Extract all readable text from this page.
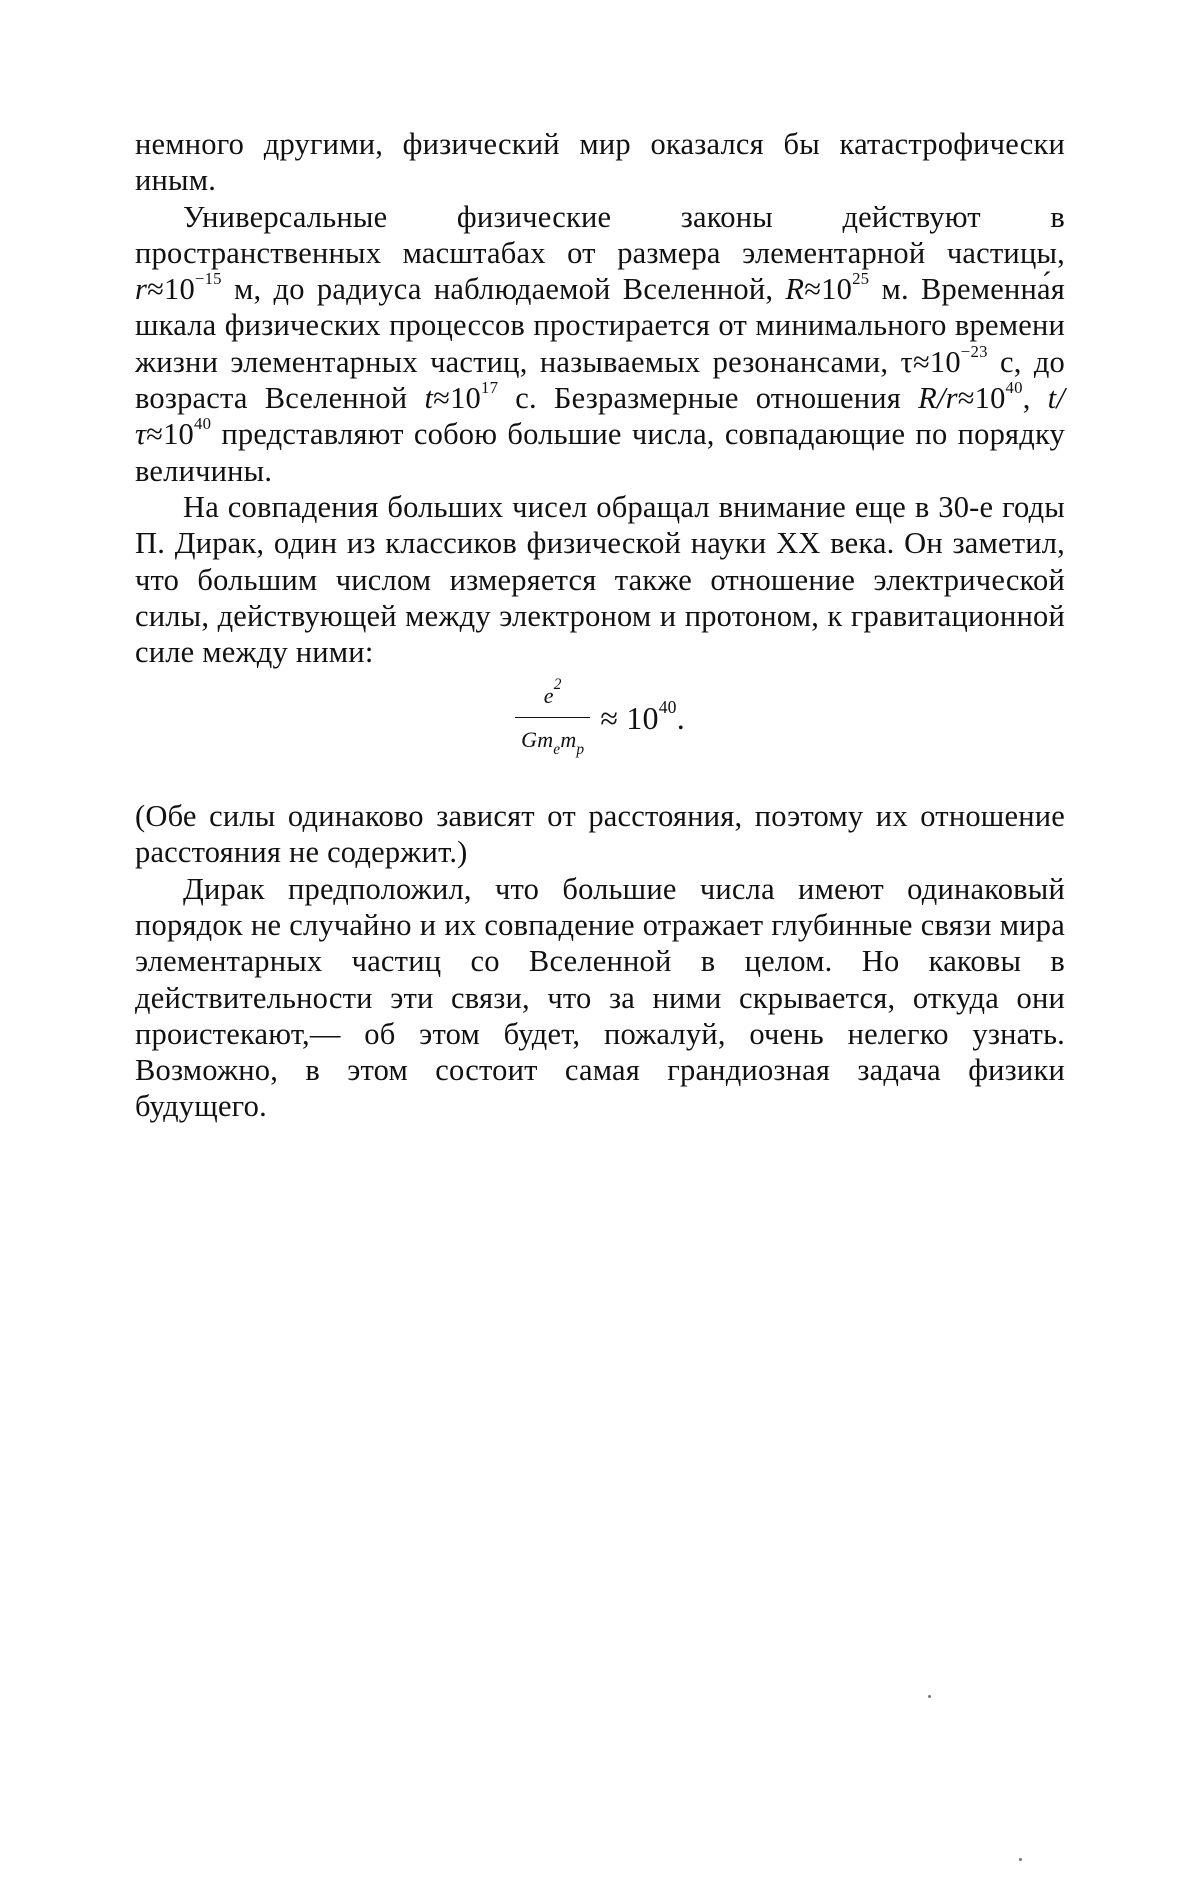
немного другими, физический мир оказался бы катастрофически иным.

Универсальные физические законы действуют в пространственных масштабах от размера элементарной частицы, $r\approx 10^{-15}$ м, до радиуса наблюдаемой Вселенной, $R\approx 10^{25}$ м. Временна́я шкала физических процессов простирается от минимального времени жизни элементарных частиц, называемых резонансами, $\tau\approx 10^{-23}$ с, до возраста Вселенной $t\approx 10^{17}$ с. Безразмерные отношения $R/r\approx 10^{40}$, $t/\tau\approx 10^{40}$ представляют собою большие числа, совпадающие по порядку величины.

На совпадения больших чисел обращал внимание еще в 30-е годы П. Дирак, один из классиков физической науки XX века. Он заметил, что большим числом измеряется также отношение электрической силы, действующей между электроном и протоном, к гравитационной силе между ними:

$\frac{e^2}{Gm_em_p} \approx 10^{40}$.

(Обе силы одинаково зависят от расстояния, поэтому их отношение расстояния не содержит.)

Дирак предположил, что большие числа имеют одинаковый порядок не случайно и их совпадение отражает глубинные связи мира элементарных частиц со Вселенной в целом. Но каковы в действительности эти связи, что за ними скрывается, откуда они проистекают,— об этом будет, пожалуй, очень нелегко узнать. Возможно, в этом состоит самая грандиозная задача физики будущего.
